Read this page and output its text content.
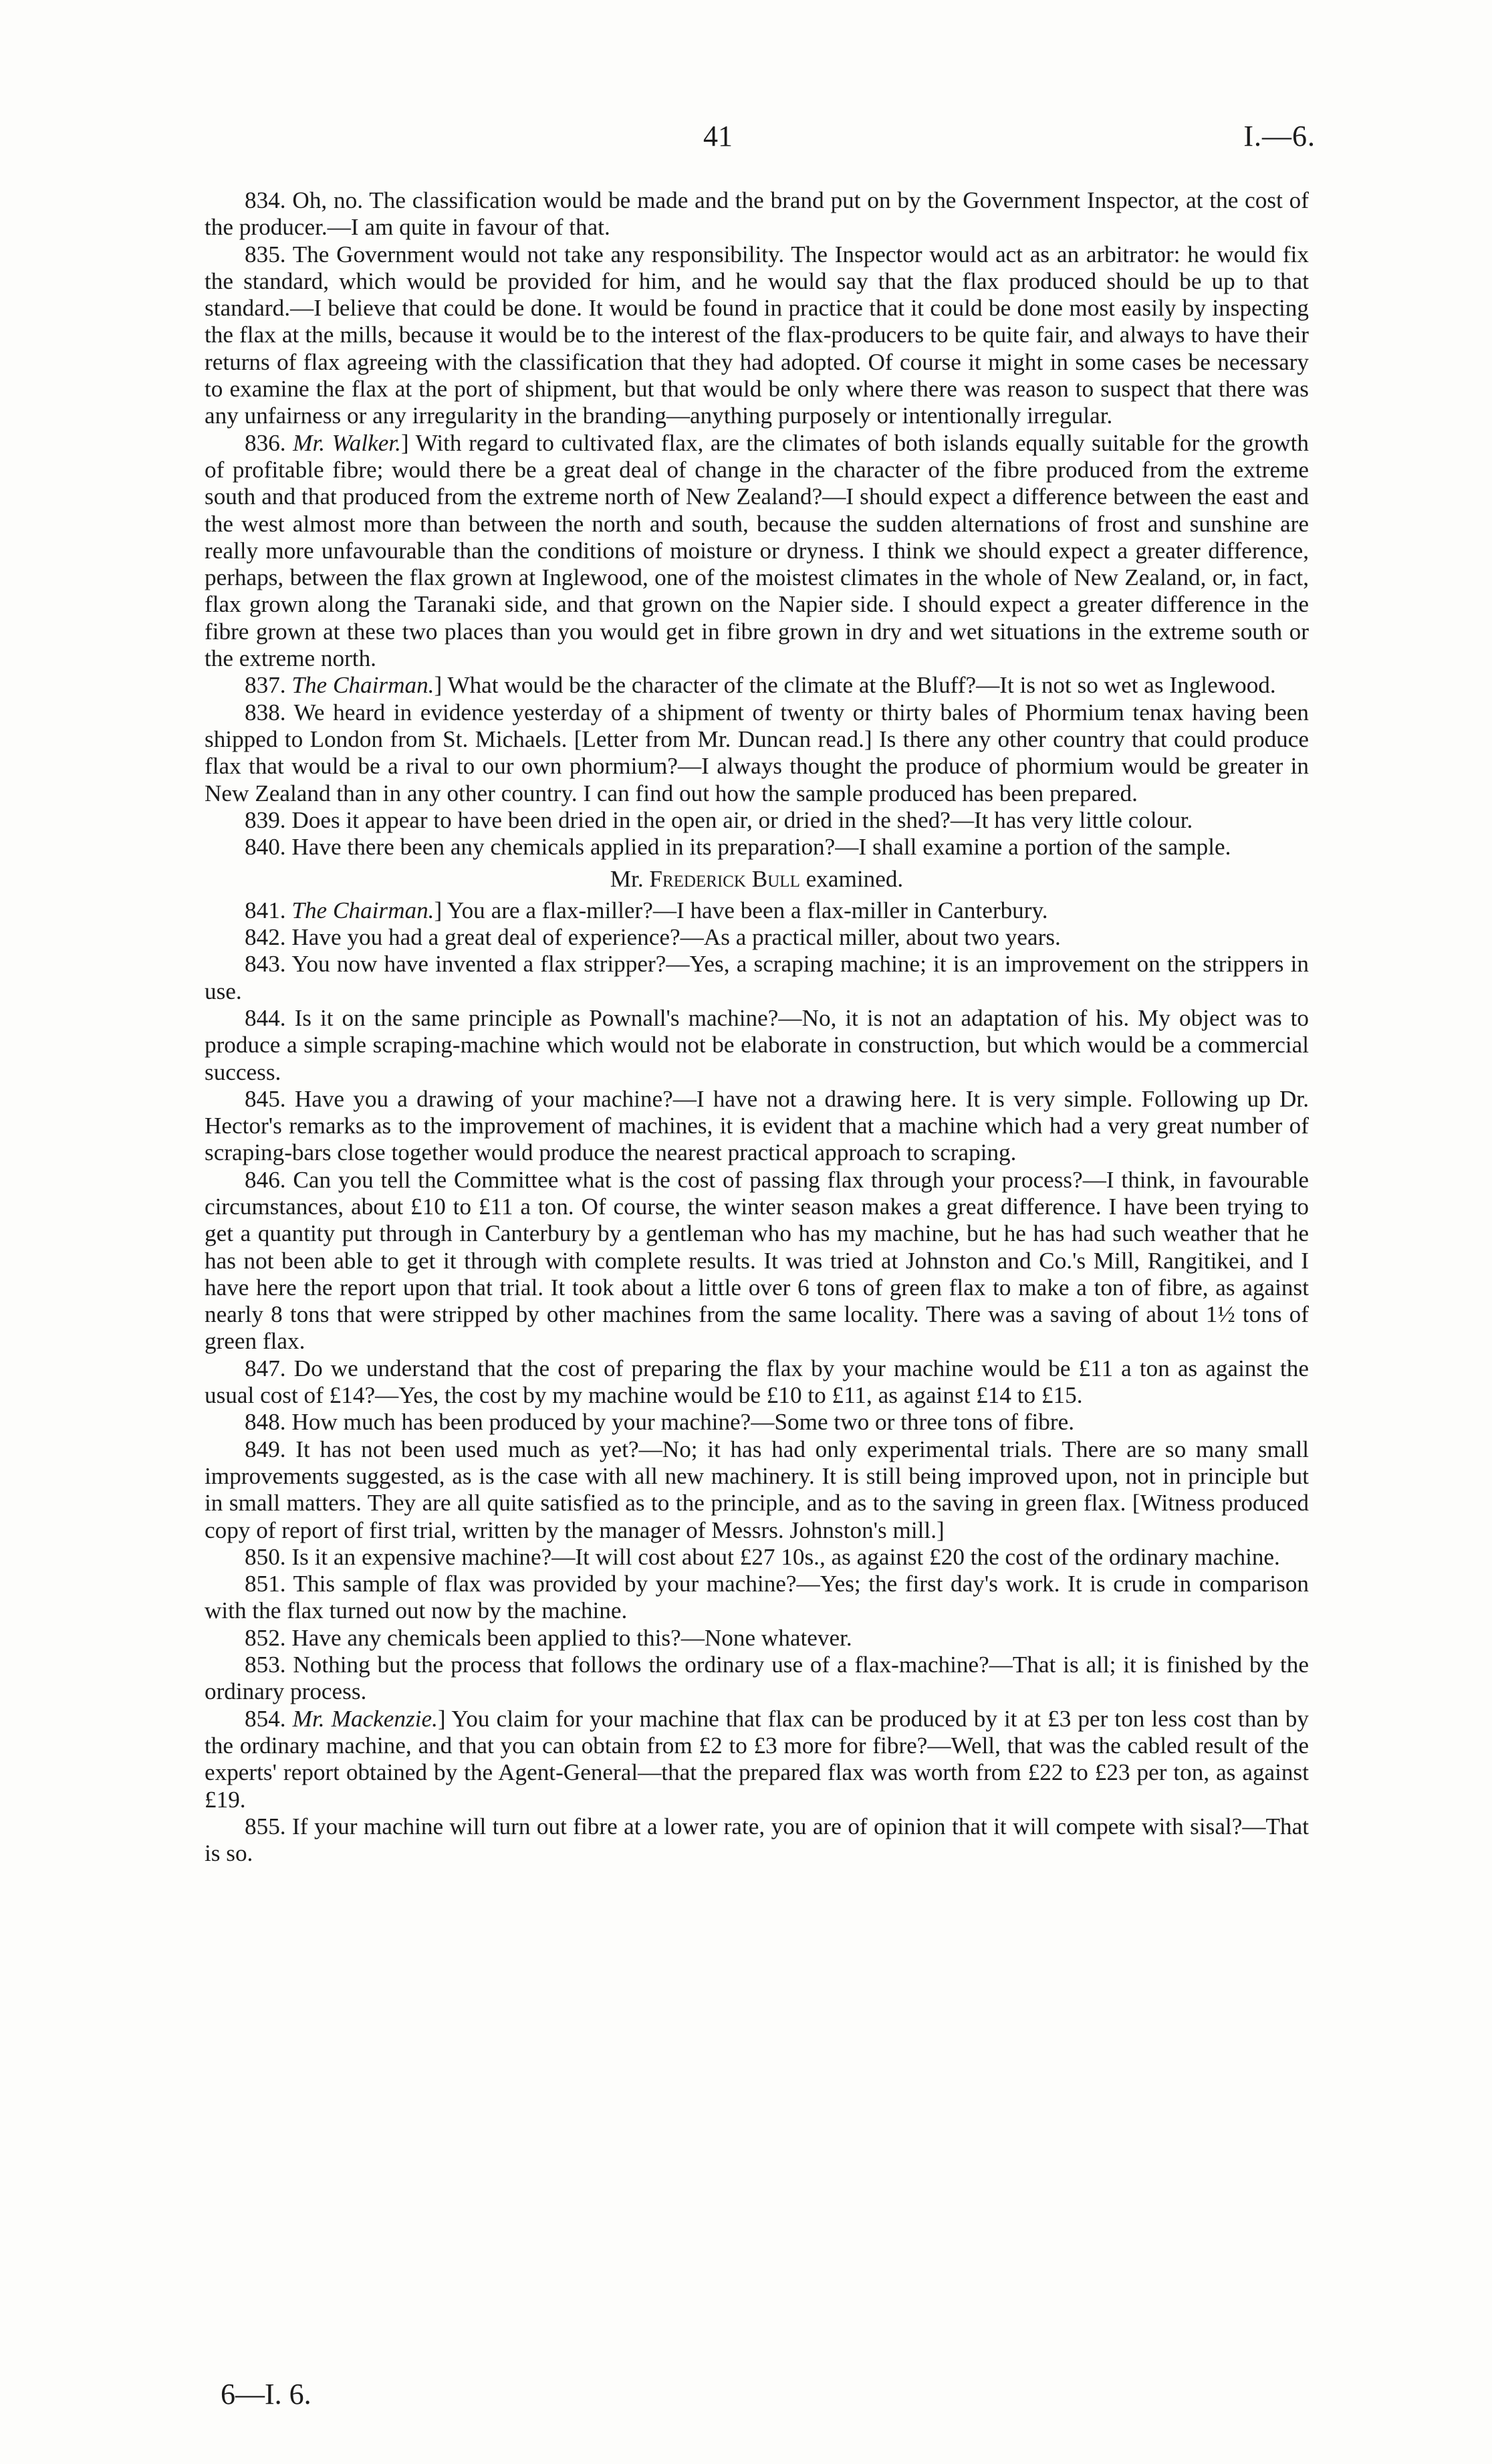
41	I.—6.

834. Oh, no. The classification would be made and the brand put on by the Government Inspector, at the cost of the producer.—I am quite in favour of that.

835. The Government would not take any responsibility. The Inspector would act as an arbitrator: he would fix the standard, which would be provided for him, and he would say that the flax produced should be up to that standard.—I believe that could be done. It would be found in practice that it could be done most easily by inspecting the flax at the mills, because it would be to the interest of the flax-producers to be quite fair, and always to have their returns of flax agreeing with the classification that they had adopted. Of course it might in some cases be necessary to examine the flax at the port of shipment, but that would be only where there was reason to suspect that there was any unfairness or any irregularity in the branding—anything purposely or intentionally irregular.

836. Mr. Walker.] With regard to cultivated flax, are the climates of both islands equally suitable for the growth of profitable fibre; would there be a great deal of change in the character of the fibre produced from the extreme south and that produced from the extreme north of New Zealand?—I should expect a difference between the east and the west almost more than between the north and south, because the sudden alternations of frost and sunshine are really more unfavourable than the conditions of moisture or dryness. I think we should expect a greater difference, perhaps, between the flax grown at Inglewood, one of the moistest climates in the whole of New Zealand, or, in fact, flax grown along the Taranaki side, and that grown on the Napier side. I should expect a greater difference in the fibre grown at these two places than you would get in fibre grown in dry and wet situations in the extreme south or the extreme north.

837. The Chairman.] What would be the character of the climate at the Bluff?—It is not so wet as Inglewood.

838. We heard in evidence yesterday of a shipment of twenty or thirty bales of Phormium tenax having been shipped to London from St. Michaels. [Letter from Mr. Duncan read.] Is there any other country that could produce flax that would be a rival to our own phormium?—I always thought the produce of phormium would be greater in New Zealand than in any other country. I can find out how the sample produced has been prepared.

839. Does it appear to have been dried in the open air, or dried in the shed?—It has very little colour.

840. Have there been any chemicals applied in its preparation?—I shall examine a portion of the sample.

Mr. Frederick Bull examined.

841. The Chairman.] You are a flax-miller?—I have been a flax-miller in Canterbury.

842. Have you had a great deal of experience?—As a practical miller, about two years.

843. You now have invented a flax stripper?—Yes, a scraping machine; it is an improvement on the strippers in use.

844. Is it on the same principle as Pownall's machine?—No, it is not an adaptation of his. My object was to produce a simple scraping-machine which would not be elaborate in construction, but which would be a commercial success.

845. Have you a drawing of your machine?—I have not a drawing here. It is very simple. Following up Dr. Hector's remarks as to the improvement of machines, it is evident that a machine which had a very great number of scraping-bars close together would produce the nearest practical approach to scraping.

846. Can you tell the Committee what is the cost of passing flax through your process?—I think, in favourable circumstances, about £10 to £11 a ton. Of course, the winter season makes a great difference. I have been trying to get a quantity put through in Canterbury by a gentleman who has my machine, but he has had such weather that he has not been able to get it through with complete results. It was tried at Johnston and Co.'s Mill, Rangitikei, and I have here the report upon that trial. It took about a little over 6 tons of green flax to make a ton of fibre, as against nearly 8 tons that were stripped by other machines from the same locality. There was a saving of about 1½ tons of green flax.

847. Do we understand that the cost of preparing the flax by your machine would be £11 a ton as against the usual cost of £14?—Yes, the cost by my machine would be £10 to £11, as against £14 to £15.

848. How much has been produced by your machine?—Some two or three tons of fibre.

849. It has not been used much as yet?—No; it has had only experimental trials. There are so many small improvements suggested, as is the case with all new machinery. It is still being improved upon, not in principle but in small matters. They are all quite satisfied as to the principle, and as to the saving in green flax. [Witness produced copy of report of first trial, written by the manager of Messrs. Johnston's mill.]

850. Is it an expensive machine?—It will cost about £27 10s., as against £20 the cost of the ordinary machine.

851. This sample of flax was provided by your machine?—Yes; the first day's work. It is crude in comparison with the flax turned out now by the machine.

852. Have any chemicals been applied to this?—None whatever.

853. Nothing but the process that follows the ordinary use of a flax-machine?—That is all; it is finished by the ordinary process.

854. Mr. Mackenzie.] You claim for your machine that flax can be produced by it at £3 per ton less cost than by the ordinary machine, and that you can obtain from £2 to £3 more for fibre?—Well, that was the cabled result of the experts' report obtained by the Agent-General—that the prepared flax was worth from £22 to £23 per ton, as against £19.

855. If your machine will turn out fibre at a lower rate, you are of opinion that it will compete with sisal?—That is so.

6—I. 6.
